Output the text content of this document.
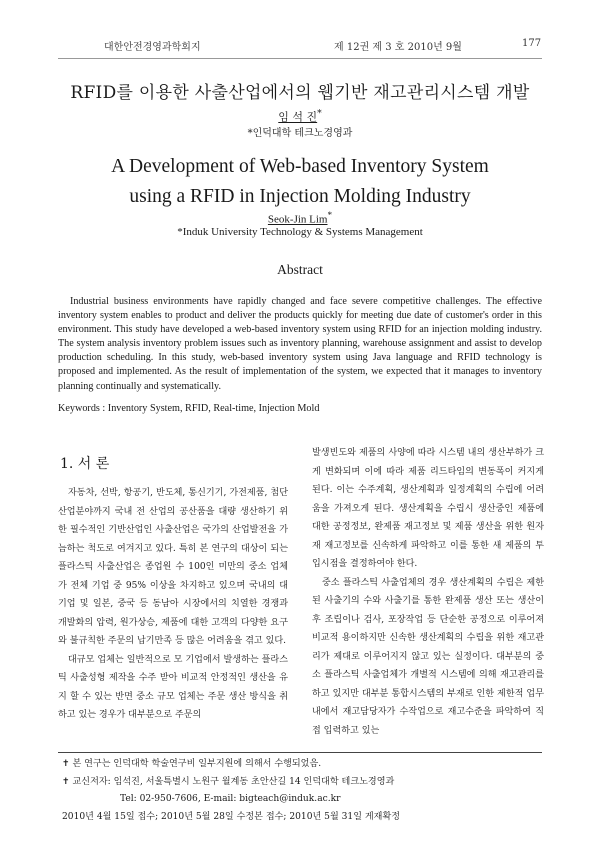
대한안전경영과학회지	제 12권 제 3 호 2010년 9월	177
RFID를 이용한 사출산업에서의 웹기반 재고관리시스템 개발
임 석 진*
*인덕대학 테크노경영과
A Development of Web-based Inventory System
using a RFID in Injection Molding Industry
Seok-Jin Lim*
*Induk University Technology & Systems Management
Abstract
Industrial business environments have rapidly changed and face severe competitive challenges. The effective inventory system enables to product and deliver the products quickly for meeting due date of customer's order in this environment. This study have developed a web-based inventory system using RFID for an injection molding industry. The system analysis inventory problem issues such as inventory planning, warehouse assignment and assist to develop production scheduling. In this study, web-based inventory system using Java language and RFID technology is proposed and implemented. As the result of implementation of the system, we expected that it manages to inventory planning continually and systematically.
Keywords : Inventory System, RFID, Real-time, Injection Mold
1. 서 론

자동차, 선박, 항공기, 반도체, 통신기기, 가전제품, 첨단 산업분야까지 국내 전 산업의 공산품을 대량 생산하기 위한 필수적인 기반산업인 사출산업은 국가의 산업발전을 가늠하는 척도로 여겨지고 있다. 특히 본 연구의 대상이 되는 플라스틱 사출산업은 종업원 수 100인 미만의 중소 업체가 전체 기업 중 95% 이상을 차지하고 있으며 국내의 대기업 및 일본, 중국 등 동남아 시장에서의 치열한 경쟁과 개발화의 압력, 원가상승, 제품에 대한 고객의 다양한 요구와 불규칙한 주문의 납기만족 등 많은 어려움을 겪고 있다.

대규모 업체는 일반적으로 모 기업에서 발생하는 플라스틱 사출성형 제작을 수주 받아 비교적 안정적인 생산을 유지 할 수 있는 반면 중소 규모 업체는 주문 생산 방식을 취하고 있는 경우가 대부분으로 주문의

발생빈도와 제품의 사양에 따라 시스템 내의 생산부하가 크게 변화되며 이에 따라 제품 리드타임의 변동폭이 커지게 된다. 이는 수주계획, 생산계획과 일정계획의 수립에 어려움을 가져오게 된다. 생산계획을 수립시 생산중인 제품에 대한 공정정보, 완제품 재고정보 및 제품 생산을 위한 원자재 재고정보를 신속하게 파악하고 이를 통한 새 제품의 투입시점을 결정하여야 한다.

중소 플라스틱 사출업체의 경우 생산계획의 수립은 제한된 사출기의 수와 사출기를 통한 완제품 생산 또는 생산이후 조립이나 검사, 포장작업 등 단순한 공정으로 이루어져 비교적 용이하지만 신속한 생산계획의 수립을 위한 재고관리가 제대로 이루어지지 않고 있는 실정이다. 대부분의 중소 플라스틱 사출업체가 개별적 시스템에 의해 재고관리를 하고 있지만 대부분 통합시스템의 부재로 인한 제한적 업무 내에서 재고담당자가 수작업으로 재고수준을 파악하여 직접 입력하고 있는

✝ 본 연구는 인덕대학 학술연구비 일부지원에 의해서 수행되었음.
✝ 교신저자: 임석진, 서울특별시 노원구 월계동 초안산길 14 인덕대학 테크노경영과
Tel: 02-950-7606, E-mail: bigteach@induk.ac.kr
2010년 4월 15일 접수; 2010년 5월 28일 수정본 접수; 2010년 5월 31일 게재확정
